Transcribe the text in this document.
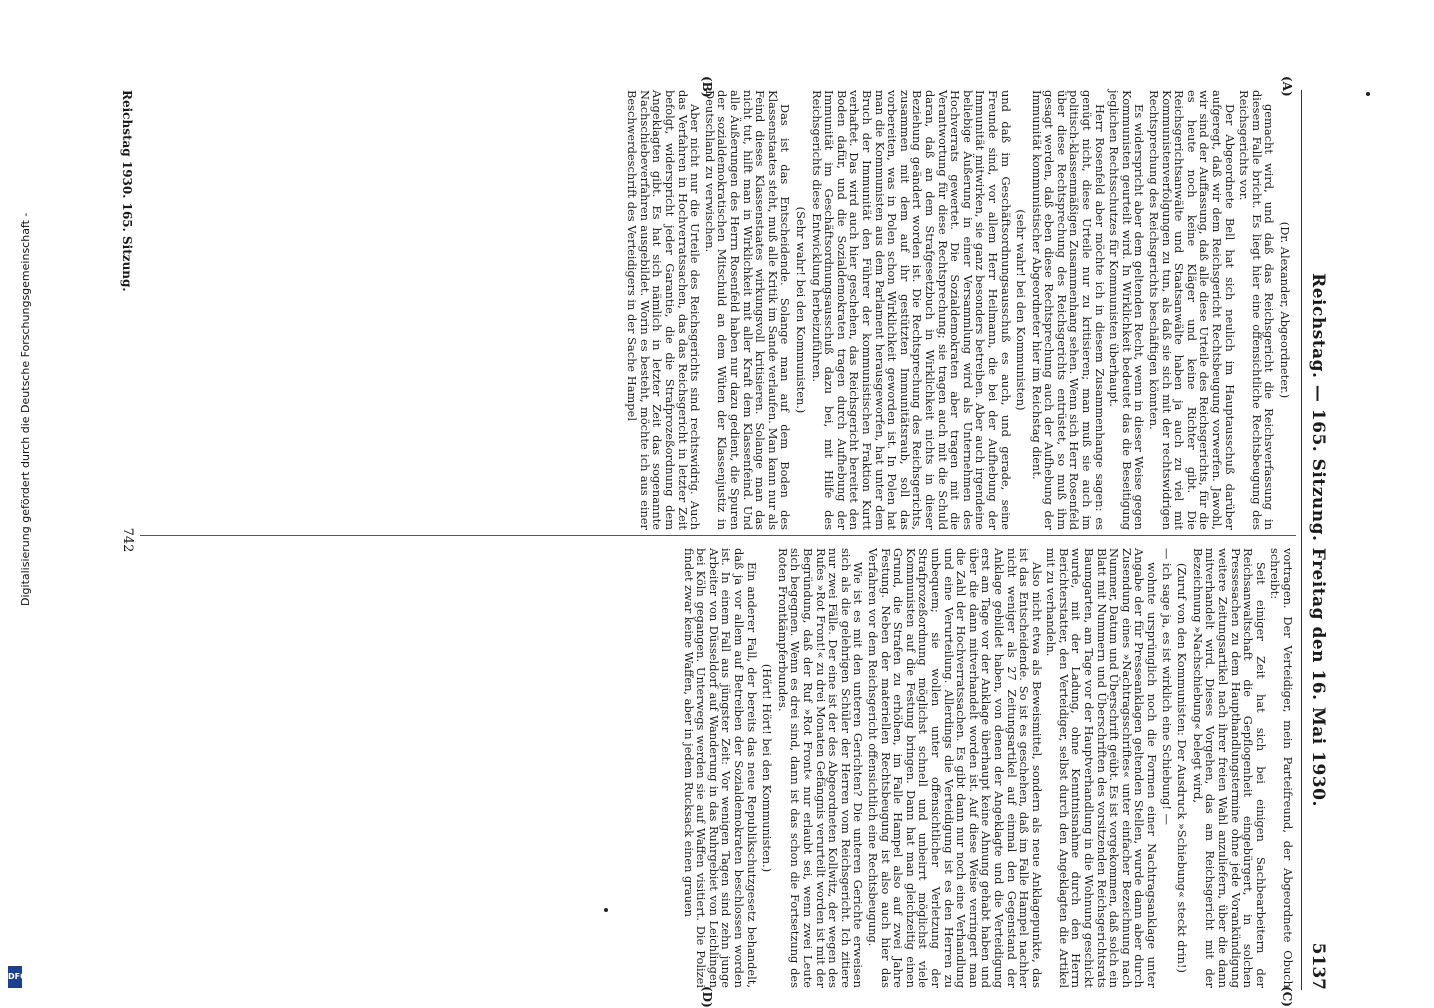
Reichstag. — 165. Sitzung. Freitag den 16. Mai 1930.
5137
(A)
(B)
(C)
(D)

(Dr. Alexander, Abgeordneter.)

gemacht wird, und daß das Reichsgericht die Reichsverfassung in diesem Falle bricht. Es liegt hier eine offensichtliche Rechtsbeugung des Reichsgerichts vor.

Der Abgeordnete Bell hat sich neulich im Hauptausschuß darüber aufgeregt, daß wir dem Reichsgericht Rechtsbeugung vorwerfen. Jawohl, wir sind der Auffassung, daß alle diese Urteile des Reichsgerichts, für die es heute noch keine Kläger und keine Richter gibt. Die Reichsgerichtsanwälte und Staatsanwälte haben ja auch zu viel mit Kommunistenverfolgungen zu tun, als daß sie sich mit der rechtswidrigen Rechtsprechung des Reichsgerichts beschäftigen könnten.

Es widerspricht aber dem geltenden Recht, wenn in dieser Weise gegen Kommunisten geurteilt wird. In Wirklichkeit bedeutet das die Beseitigung jeglichen Rechtsschutzes für Kommunisten überhaupt.

Herr Rosenfeld aber möchte ich in diesem Zusammenhange sagen: es genügt nicht, diese Urteile nur zu kritisieren; man muß sie auch im politisch-klassenmäßigen Zusammenhang sehen. Wenn sich Herr Rosenfeld über diese Rechtsprechung des Reichsgerichts entrüstet, so muß ihm gesagt werden, daß eben diese Rechtsprechung auch der Aufhebung der Immunität kommunistischer Abgeordneter hier im Reichstag dient.

(sehr wahr! bei den Kommunisten)

und daß im Geschäftsordnungsausschuß es auch, und gerade, seine Freunde sind, vor allem Herr Heilmann, die bei der Aufhebung der Immunität mitwirken, sie ganz besonders betreiben. Aber auch irgendeine beliebige Äußerung in einer Versammlung wird als Unternehmen des Hochverrats gewertet. Die Sozialdemokraten aber tragen mit die Verantwortung für diese Rechtsprechung; sie tragen auch mit die Schuld daran, daß an dem Strafgesetzbuch in Wirklichkeit nichts in dieser Beziehung geändert worden ist. Die Rechtsprechung des Reichsgerichts, zusammen mit dem auf ihr gestützten Immunitätsraub, soll das vorbereiten, was in Polen schon Wirklichkeit geworden ist. In Polen hat man die Kommunisten aus dem Parlament herausgeworfen, hat unter dem Bruch der Immunität den Führer der kommunistischen Fraktion Kurtt verhaftet. Das wird auch hier geschehen, das Reichsgericht bereitet den Boden dafür, und die Sozialdemokraten tragen durch Aufhebung der Immunität im Geschäftsordnungsausschuß dazu bei, mit Hilfe des Reichsgerichts diese Entwicklung herbeizuführen.

(Sehr wahr! bei den Kommunisten.)

Das ist das Entscheidende. Solange man auf dem Boden des Klassenstaates steht, muß alle Kritik im Sande verlaufen. Man kann nur als Feind dieses Klassenstaates wirkungsvoll kritisieren. Solange man das nicht tut, hilft man in Wirklichkeit mit aller Kraft dem Klassenfeind. Und alle Äußerungen des Herrn Rosenfeld haben nur dazu gedient, die Spuren der sozialdemokratischen Mitschuld an dem Wüten der Klassenjustiz in Deutschland zu verwischen.

Aber nicht nur die Urteile des Reichsgerichts sind rechtswidrig. Auch das Verfahren in Hochverratssachen, das das Reichsgericht in letzter Zeit befolgt, widerspricht jeder Garantie, die die Strafprozeßordnung dem Angeklagten gibt. Es hat sich nämlich in letzter Zeit das sogenannte Nachschiebeverfahren ausgebildet. Worin es besteht, möchte ich aus einer Beschwerdeschrift des Verteidigers in der Sache Hampel

vortragen. Der Verteidiger, mein Parteifreund, der Abgeordnete Obuch schreibt:

Seit einiger Zeit hat sich bei einigen Sachbearbeitern der Reichsanwaltschaft die Gepflogenheit eingebürgert, in solchen Pressesachen zu dem Haupthandlungstermine ohne jede Vorankündigung weitere Zeitungsartikel nach ihrer freien Wahl anzuliefern, über die dann mitverhandelt wird. Dieses Vorgehen, das am Reichsgericht mit der Bezeichnung »Nachschiebung« belegt wird,

(Zuruf von den Kommunisten: Der Ausdruck »Schiebung« steckt drin!)

— ich sage ja, es ist wirklich eine Schiebung! —

wohnte ursprünglich noch die Formen einer Nachtragsanklage unter Angabe der für Presseanklagen geltenden Stellen, wurde dann aber durch Zusendung eines »Nachtragsschriftes« unter einfacher Bezeichnung nach Nummer, Datum und Überschrift geübt. Es ist vorgekommen, daß solch ein Blatt mit Nummern und Überschriften des vorsitzenden Reichsgerichtsrats Baumgarten, am Tage vor der Hauptverhandlung in die Wohnung geschickt wurde, mit der Ladung, ohne Kenntnisnahme durch den Herrn Berichterstatter, den Verteidiger, selbst durch den Angeklagten die Artikel mit zu verhandeln.

Also nicht etwa als Beweismittel, sondern als neue Anklagepunkte, das ist das Entscheidende. So ist es geschehen, daß im Falle Hampel nachher nicht weniger als 27 Zeitungsartikel auf einmal den Gegenstand der Anklage gebildet haben, von denen der Angeklagte und die Verteidigung erst am Tage vor der Anklage überhaupt keine Ahnung gehabt haben und über die dann mitverhandelt worden ist. Auf diese Weise verringert man die Zahl der Hochverratssachen. Es gibt dann nur noch eine Verhandlung und eine Verurteilung. Allerdings die Verteidigung ist es den Herren zu unbequem; sie wollen unter offensichtlicher Verletzung der Strafprozeßordnung möglichst schnell und unbeirrt möglichst viele Kommunisten auf die Festung bringen. Dann hat man gleichzeitig einen Grund, die Strafen zu erhöhen, im Falle Hampel also auf zwei Jahre Festung. Neben der materiellen Rechtsbeugung ist also auch hier das Verfahren vor dem Reichsgericht offensichtlich eine Rechtsbeugung.

Wie ist es mit den unteren Gerichten? Die unteren Gerichte erweisen sich als die gelehrigen Schüler der Herren vom Reichsgericht. Ich zitiere nur zwei Fälle. Der eine ist der des Abgeordneten Kollwitz, der wegen des Rufes »Rot Front!« zu drei Monaten Gefängnis verurteilt worden ist mit der Begründung, daß der Ruf »Rot Front« nur erlaubt sei, wenn zwei Leute sich begegnen. Wenn es drei sind, dann ist das schon die Fortsetzung des Roten Frontkämpferbundes.

(Hört! Hört! bei den Kommunisten.)

Ein anderer Fall, der bereits das neue Republikschutzgesetz behandelt, daß ja vor allem auf Betreiben der Sozialdemokraten beschlossen worden ist. In einem Fall aus jüngster Zeit: Vor wenigen Tagen sind zehn junge Arbeiter von Düsseldorf auf Wanderung in das Ruhrgebiet von Leichlingen bei Köln gegangen. Unterwegs werden sie auf Waffen visitiert. Die Polizei findet zwar keine Waffen, aber in jedem Rucksack einen grauen

Reichstag 1930. 165. Sitzung.
742
Digitalisierung gefördert durch die Deutsche Forschungsgemeinschaft -
DFG
